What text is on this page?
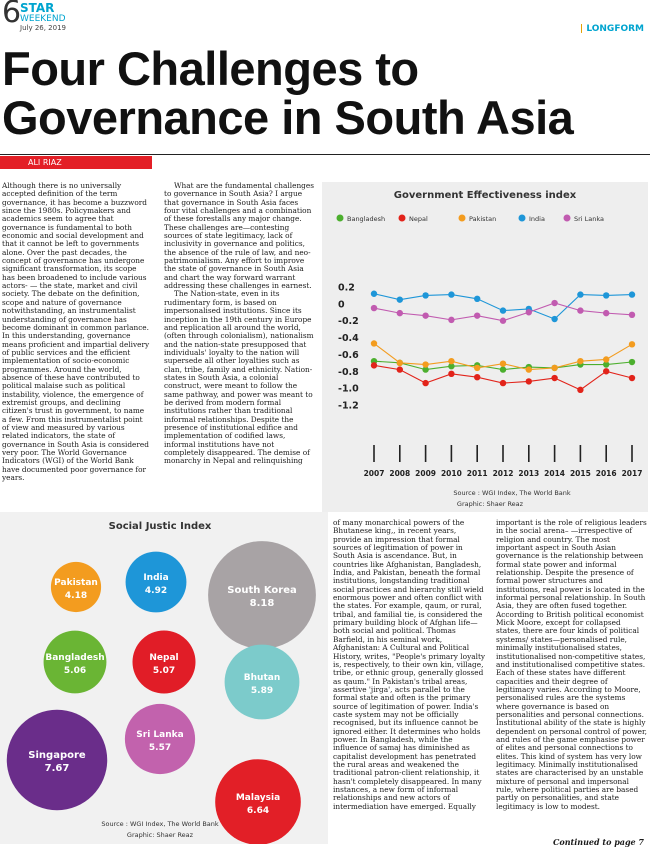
6
STAR
WEEKEND
July 26, 2019	| LONGFORM
Four Challenges to
Governance in South Asia
ALI RIAZ

Although there is no universally accepted definition of the term governance, it has become a buzzword since the 1980s. Policymakers and academics seem to agree that governance is fundamental to both economic and social development and that it cannot be left to governments alone. Over the past decades, the concept of governance has undergone significant transformation, its scope has been broadened to include various actors- — the state, market and civil society. The debate on the definition, scope and nature of governance notwithstanding, an instrumentalist understanding of governance has become dominant in common parlance. In this understanding, governance means proficient and impartial delivery of public services and the efficient implementation of socio-economic programmes. Around the world, absence of these have contributed to political malaise such as political instability, violence, the emergence of extremist groups, and declining citizen's trust in government, to name a few. From this instrumentalist point of view and measured by various related indicators, the state of governance in South Asia is considered very poor. The World Governance Indicators (WGI) of the World Bank have documented poor governance for years.

What are the fundamental challenges to governance in South Asia? I argue that governance in South Asia faces four vital challenges and a combination of these forestalls any major change. These challenges are—contesting sources of state legitimacy, lack of inclusivity in governance and politics, the absence of the rule of law, and neo-patrimonialism. Any effort to improve the state of governance in South Asia and chart the way forward warrant addressing these challenges in earnest.

The Nation-state, even in its rudimentary form, is based on impersonalised institutions. Since its inception in the 19th century in Europe and replication all around the world, (often through colonialism), nationalism and the nation-state presupposed that individuals' loyalty to the nation will supersede all other loyalties such as clan, tribe, family and ethnicity. Nation-states in South Asia, a colonial construct, were meant to follow the same pathway, and power was meant to be derived from modern formal institutions rather than traditional informal relationships. Despite the presence of institutional edifice and implementation of codified laws, informal institutions have not completely disappeared. The demise of monarchy in Nepal and relinquishing

of many monarchical powers of the Bhutanese king,, in recent years, provide an impression that formal sources of legitimation of power in South Asia is ascendance. But, in countries like Afghanistan, Bangladesh, India, and Pakistan, beneath the formal institutions, longstanding traditional social practices and hierarchy still wield enormous power and often conflict with the states. For example, qaum, or rural, tribal, and familial tie, is considered the primary building block of Afghan life—both social and political. Thomas Barfield, in his seminal work, Afghanistan: A Cultural and Political History, writes, "People's primary loyalty is, respectively, to their own kin, village, tribe, or ethnic group, generally glossed as qaum." In Pakistan's tribal areas, assertive 'jirga', acts parallel to the formal state and often is the primary source of legitimation of power. India's caste system may not be officially recognised, but its influence cannot be ignored either. It determines who holds power. In Bangladesh, while the influence of samaj has diminished as capitalist development has penetrated the rural areas and weakened the traditional patron-client relationship, it hasn't completely disappeared. In many instances, a new form of informal relationships and new actors of intermediation have emerged. Equally

important is the role of religious leaders in the social arena– —irrespective of religion and country. The most important aspect in South Asian governance is the relationship between formal state power and informal relationship. Despite the presence of formal power structures and institutions, real power is located in the informal personal relationship. In South Asia, they are often fused together. According to British political economist Mick Moore, except for collapsed states, there are four kinds of political systems/ states—personalised rule, minimally institutionalised states, institutionalised non-competitive states, and institutionalised competitive states. Each of these states have different capacities and their degree of legitimacy varies. According to Moore, personalised rules are the systems where governance is based on personalities and personal connections. Institutional ability of the state is highly dependent on personal control of power, and rules of the game emphasise power of elites and personal connections to elites. This kind of system has very low legitimacy. Minimally institutionalised states are characterised by an unstable mixture of personal and impersonal rule, where political parties are based partly on personalities, and state legitimacy is low to modest.

Continued to page 7
Government Effectiveness index
Bangladesh	Nepal	Pakistan	India	Sri Lanka
0.2
0
-0.2
-0.4
-0.6
-0.8
-1.0
-1.2
2007 2008 2009 2010 2011 2012 2013 2014 2015 2016 2017
Source : WGI Index, The World Bank
Graphic: Shaer Reaz
Social Justic Index
Pakistan
4.18
India
4.92	South Korea
8.18
Bangladesh
5.06
Nepal
5.07
Bhutan
5.89
Singapore
7.67
Sri Lanka
5.57
Malaysia
6.64
Source : WGI Index, The World Bank
Graphic: Shaer Reaz
